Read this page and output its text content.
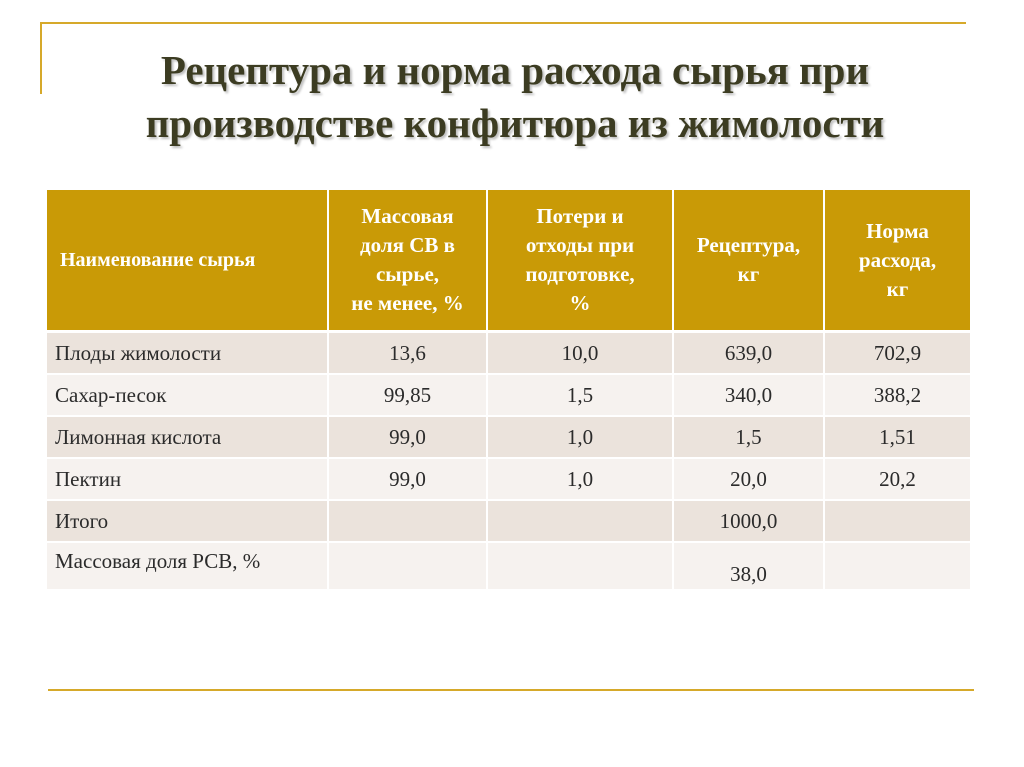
Рецептура и норма расхода сырья при
производстве конфитюра из жимолости
Наименование сырья	Массовая
доля СВ в
сырье,
не менее, %	Потери и
отходы при
подготовке,
%	Рецептура,
кг	Норма
расхода,
кг
Плоды жимолости	13,6	10,0	639,0	702,9
Сахар-песок	99,85	1,5	340,0	388,2
Лимонная кислота	99,0	1,0	1,5	1,51
Пектин	99,0	1,0	20,0	20,2
Итого			1000,0	
Массовая доля РСВ, %			38,0	
